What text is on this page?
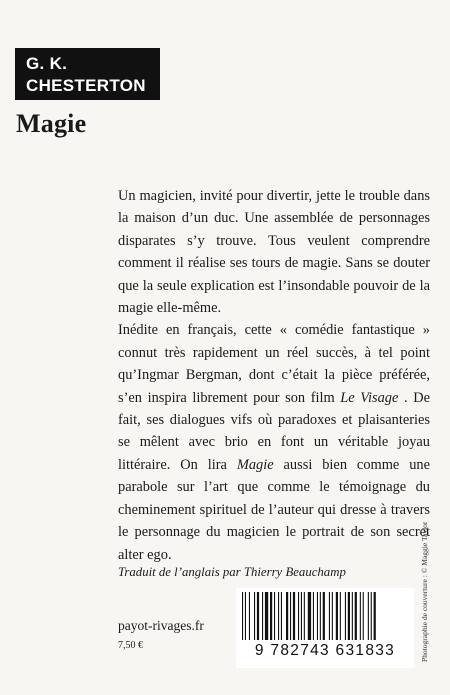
G. K.
CHESTERTON
Magie

Un magicien, invité pour divertir, jette le trouble dans la maison d’un duc. Une assemblée de personnages disparates s’y trouve. Tous veulent comprendre comment il réalise ses tours de magie. Sans se douter que la seule explication est l’insondable pouvoir de la magie elle-même.

Inédite en français, cette « comédie fantastique » connut très rapidement un réel succès, à tel point qu’Ingmar Bergman, dont c’était la pièce préférée, s’en inspira librement pour son film Le Visage . De fait, ses dialogues vifs où paradoxes et plaisanteries se mêlent avec brio en font un véritable joyau littéraire. On lira Magie aussi bien comme une parabole sur l’art que comme le témoignage du cheminement spirituel de l’auteur qui dresse à travers le personnage du magicien le portrait de son secret alter ego.

Traduit de l’anglais par Thierry Beauchamp
payot-rivages.fr
7,50 €	Photographie de couverture : © Maggie Taylor
9 782743 631833
